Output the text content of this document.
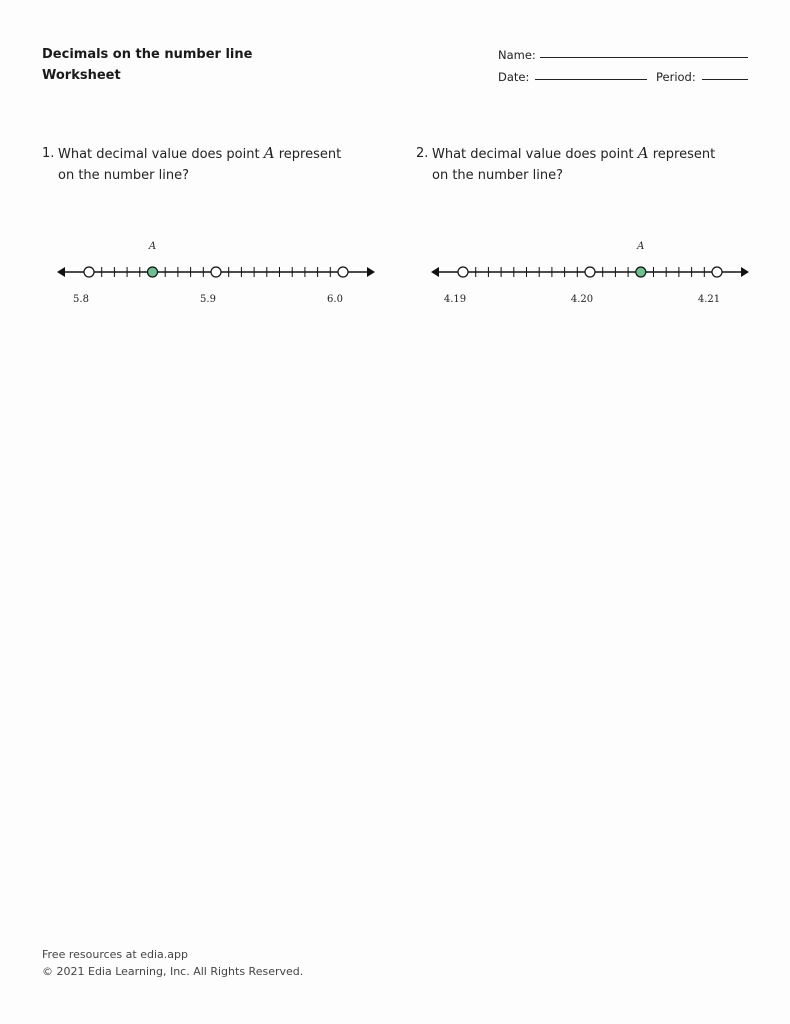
Decimals on the number line
Worksheet
Name:
Date:	Period:
1. What decimal value does point A represent on the number line?
5.8	5.9	6.0
A
2. What decimal value does point A represent on the number line?
4.19	4.20	4.21
A
Free resources at edia.app
© 2021 Edia Learning, Inc. All Rights Reserved.
